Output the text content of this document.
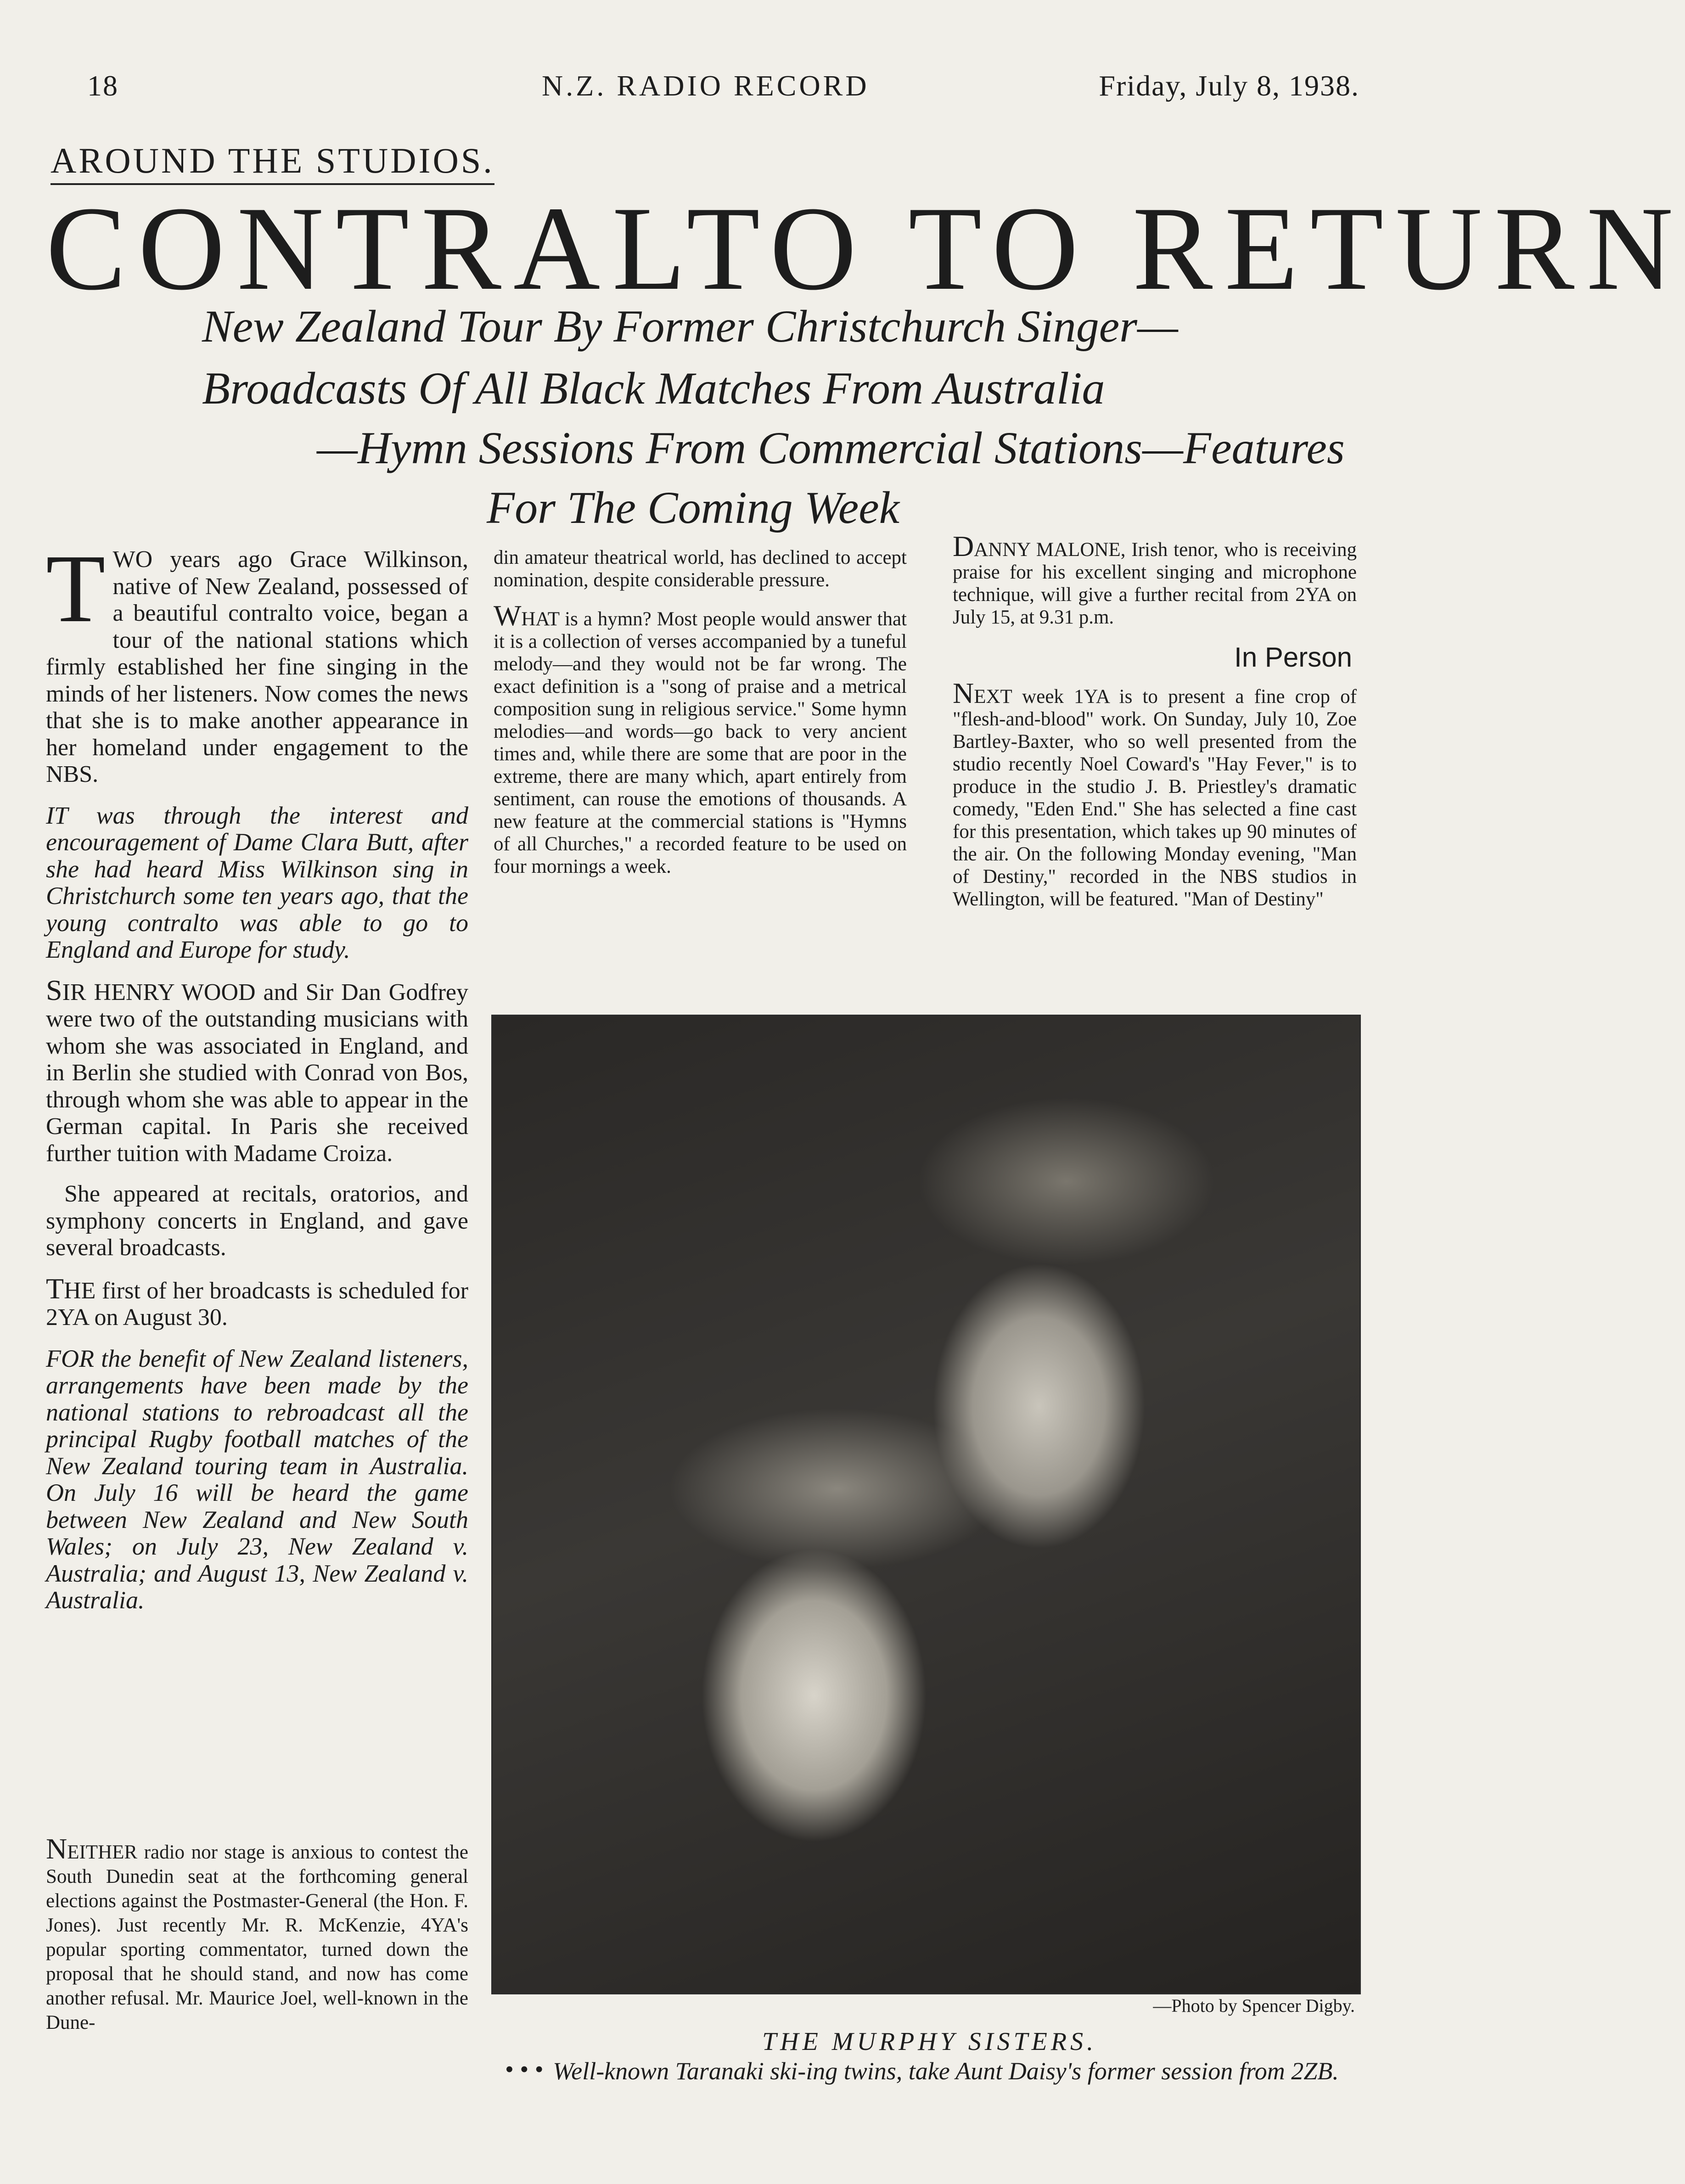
18	N.Z. RADIO RECORD	Friday, July 8, 1938.
AROUND THE STUDIOS.
CONTRALTO TO RETURN
New Zealand Tour By Former Christchurch Singer—
Broadcasts Of All Black Matches From Australia
—Hymn Sessions From Commercial Stations—Features
For The Coming Week

TWO years ago Grace Wilkinson, native of New Zealand, possessed of a beautiful contralto voice, began a tour of the national stations which firmly established her fine singing in the minds of her listeners. Now comes the news that she is to make another appearance in her homeland under engagement to the NBS.

IT was through the interest and encouragement of Dame Clara Butt, after she had heard Miss Wilkinson sing in Christchurch some ten years ago, that the young contralto was able to go to England and Europe for study.

SIR HENRY WOOD and Sir Dan Godfrey were two of the outstanding musicians with whom she was associated in England, and in Berlin she studied with Conrad von Bos, through whom she was able to appear in the German capital. In Paris she received further tuition with Madame Croiza.

She appeared at recitals, oratorios, and symphony concerts in England, and gave several broadcasts.

THE first of her broadcasts is scheduled for 2YA on August 30.

FOR the benefit of New Zealand listeners, arrangements have been made by the national stations to rebroadcast all the principal Rugby football matches of the New Zealand touring team in Australia. On July 16 will be heard the game between New Zealand and New South Wales; on July 23, New Zealand v. Australia; and August 13, New Zealand v. Australia.

NEITHER radio nor stage is anxious to contest the South Dunedin seat at the forthcoming general elections against the Postmaster-General (the Hon. F. Jones). Just recently Mr. R. McKenzie, 4YA's popular sporting commentator, turned down the proposal that he should stand, and now has come another refusal. Mr. Maurice Joel, well-known in the Dune-

din amateur theatrical world, has declined to accept nomination, despite considerable pressure.

WHAT is a hymn? Most people would answer that it is a collection of verses accompanied by a tuneful melody—and they would not be far wrong. The exact definition is a "song of praise and a metrical composition sung in religious service." Some hymn melodies—and words—go back to very ancient times and, while there are some that are poor in the extreme, there are many which, apart entirely from sentiment, can rouse the emotions of thousands. A new feature at the commercial stations is "Hymns of all Churches," a recorded feature to be used on four mornings a week.

DANNY MALONE, Irish tenor, who is receiving praise for his excellent singing and microphone technique, will give a further recital from 2YA on July 15, at 9.31 p.m.

In Person

NEXT week 1YA is to present a fine crop of "flesh-and-blood" work. On Sunday, July 10, Zoe Bartley-Baxter, who so well presented from the studio recently Noel Coward's "Hay Fever," is to produce in the studio J. B. Priestley's dramatic comedy, "Eden End." She has selected a fine cast for this presentation, which takes up 90 minutes of the air. On the following Monday evening, "Man of Destiny," recorded in the NBS studios in Wellington, will be featured. "Man of Destiny"

—Photo by Spencer Digby.
THE MURPHY SISTERS.
• • • Well-known Taranaki ski-ing twins, take Aunt Daisy's former session from 2ZB.
